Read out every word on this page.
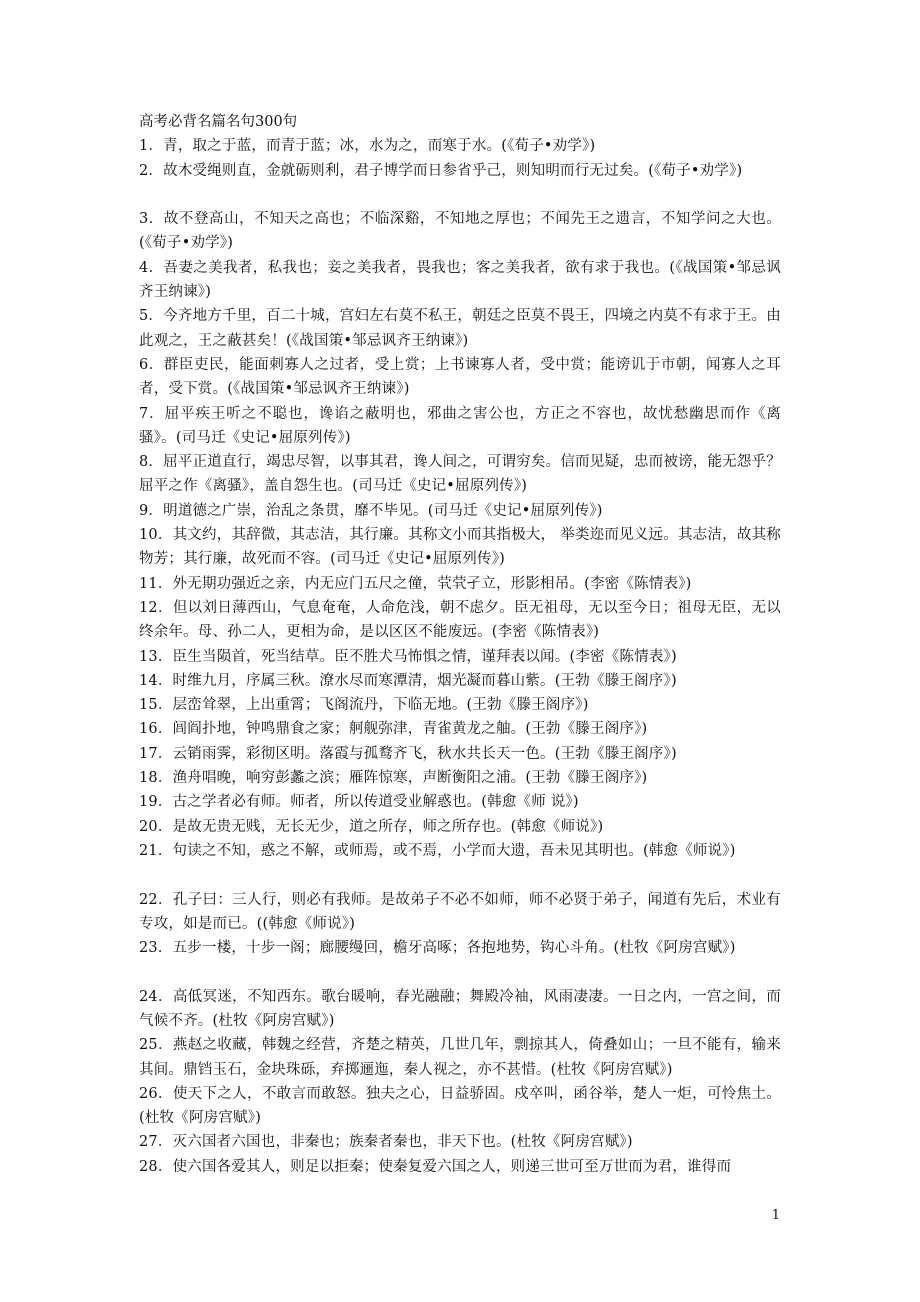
高考必背名篇名句300句
1．青，取之于蓝，而青于蓝；冰，水为之，而寒于水。(《荀子•劝学》)
2．故木受绳则直，金就砺则利，君子博学而日参省乎己，则知明而行无过矣。(《荀子•劝学》)
3．故不登高山，不知天之高也；不临深谿，不知地之厚也；不闻先王之遗言，不知学问之大也。(《荀子•劝学》)
4．吾妻之美我者，私我也；妾之美我者，畏我也；客之美我者，欲有求于我也。(《战国策•邹忌讽齐王纳谏》)
5．今齐地方千里，百二十城，宫妇左右莫不私王，朝廷之臣莫不畏王，四境之内莫不有求于王。由此观之，王之蔽甚矣！(《战国策•邹忌讽齐王纳谏》)
6．群臣吏民，能面刺寡人之过者，受上赏；上书谏寡人者，受中赏；能谤讥于市朝，闻寡人之耳者，受下赏。(《战国策•邹忌讽齐王纳谏》)
7．屈平疾王听之不聪也，谗谄之蔽明也，邪曲之害公也，方正之不容也，故忧愁幽思而作《离骚》。(司马迁《史记•屈原列传》)
8．屈平正道直行，竭忠尽智，以事其君，谗人间之，可谓穷矣。信而见疑，忠而被谤，能无怨乎？屈平之作《离骚》，盖自怨生也。(司马迁《史记•屈原列传》)
9．明道德之广崇，治乱之条贯，靡不毕见。(司马迁《史记•屈原列传》)
10．其文约，其辞微，其志洁，其行廉。其称文小而其指极大， 举类迩而见义远。其志洁，故其称物芳；其行廉，故死而不容。(司马迁《史记•屈原列传》)
11．外无期功强近之亲，内无应门五尺之僮，茕茕孑立，形影相吊。(李密《陈情表》)
12．但以刘日薄西山，气息奄奄，人命危浅，朝不虑夕。臣无祖母，无以至今日；祖母无臣，无以终余年。母、孙二人，更相为命，是以区区不能废远。(李密《陈情表》)
13．臣生当陨首，死当结草。臣不胜犬马怖惧之情，谨拜表以闻。(李密《陈情表》)
14．时维九月，序属三秋。潦水尽而寒潭清，烟光凝而暮山紫。(王勃《滕王阁序》)
15．层峦耸翠，上出重霄；飞阁流丹，下临无地。(王勃《滕王阁序》)
16．闾阎扑地，钟鸣鼎食之家；舸舰弥津，青雀黄龙之舳。(王勃《滕王阁序》)
17．云销雨霁，彩彻区明。落霞与孤鹜齐飞，秋水共长天一色。(王勃《滕王阁序》)
18．渔舟唱晚，响穷彭蠡之滨；雁阵惊寒，声断衡阳之浦。(王勃《滕王阁序》)
19．古之学者必有师。师者，所以传道受业解惑也。(韩愈《师 说》)
20．是故无贵无贱，无长无少，道之所存，师之所存也。(韩愈《师说》)
21．句读之不知，惑之不解，或师焉，或不焉，小学而大遗，吾未见其明也。(韩愈《师说》)
22．孔子曰：三人行，则必有我师。是故弟子不必不如师，师不必贤于弟子，闻道有先后，术业有专攻，如是而已。((韩愈《师说》)
23．五步一楼，十步一阁；廊腰缦回，檐牙高啄；各抱地势，钩心斗角。(杜牧《阿房宫赋》)
24．高低冥迷，不知西东。歌台暖响，春光融融；舞殿冷袖，风雨凄凄。一日之内，一宫之间，而气候不齐。(杜牧《阿房宫赋》)
25．燕赵之收藏，韩魏之经营，齐楚之精英，几世几年，剽掠其人，倚叠如山；一旦不能有，输来其间。鼎铛玉石，金块珠砾，弃掷逦迤，秦人视之，亦不甚惜。(杜牧《阿房宫赋》)
26．使天下之人，不敢言而敢怒。独夫之心，日益骄固。戍卒叫，函谷举，楚人一炬，可怜焦土。(杜牧《阿房宫赋》)
27．灭六国者六国也，非秦也；族秦者秦也，非天下也。(杜牧《阿房宫赋》)
28．使六国各爱其人，则足以拒秦；使秦复爱六国之人，则递三世可至万世而为君，谁得而
1
